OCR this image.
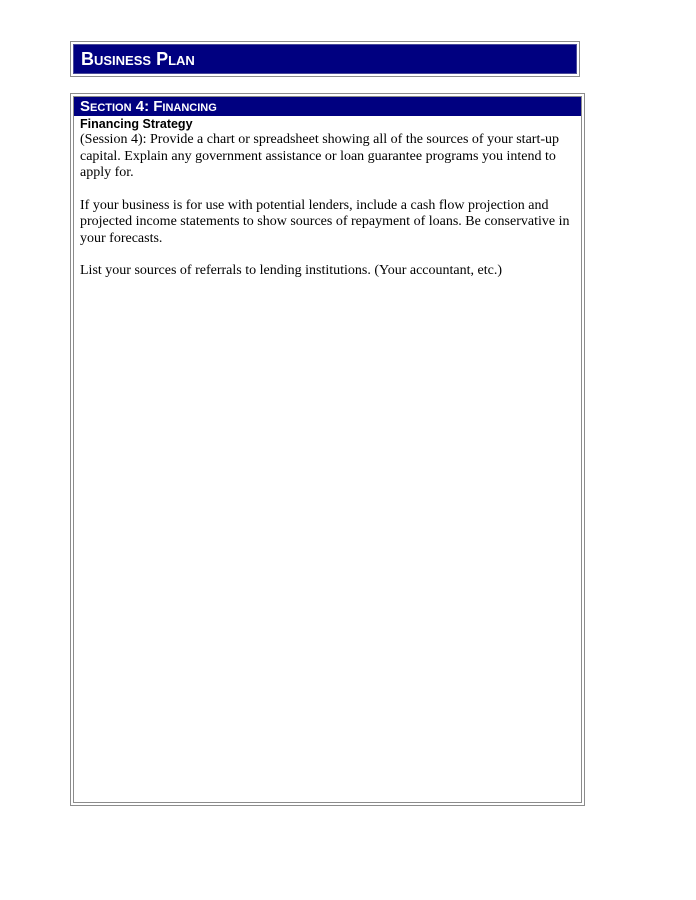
Business Plan
Section 4: Financing

Financing Strategy

(Session 4): Provide a chart or spreadsheet showing all of the sources of your start-up capital. Explain any government assistance or loan guarantee programs you intend to apply for.

If your business is for use with potential lenders, include a cash flow projection and projected income statements to show sources of repayment of loans. Be conservative in your forecasts.

List your sources of referrals to lending institutions. (Your accountant, etc.)
